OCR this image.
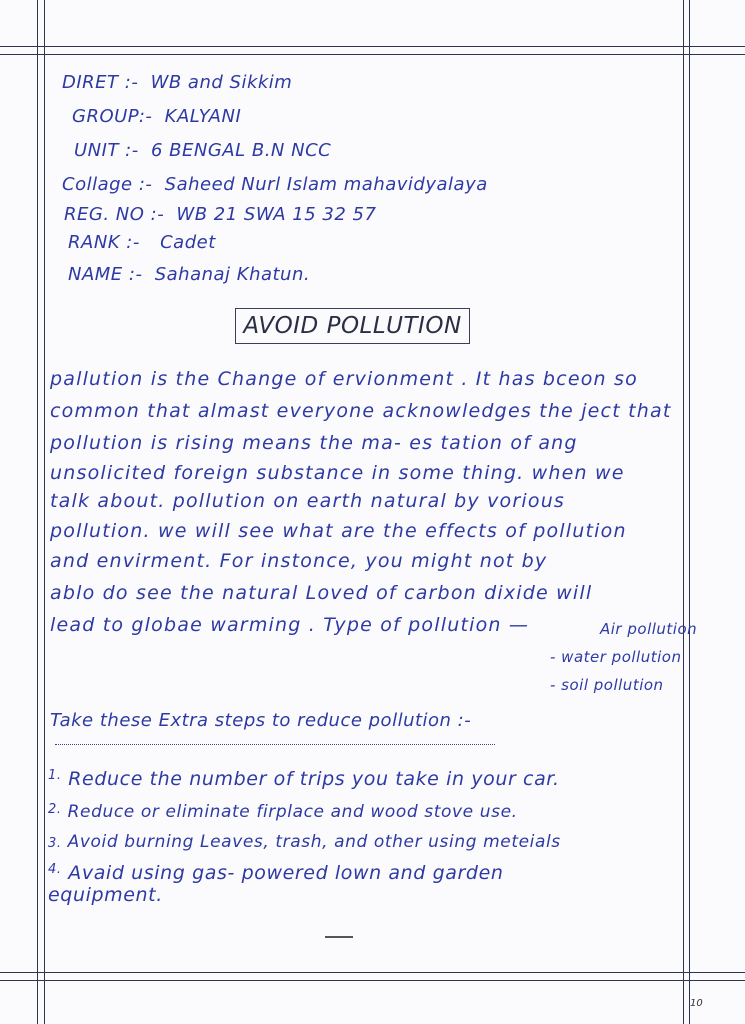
DIRET :- WB and Sikkim
GROUP:- KALYANI
UNIT :- 6 BENGAL B.N NCC
Collage :- Saheed Nurl Islam mahavidyalaya
REG. NO :- WB 21 SWA 15 32 57
RANK :- Cadet
NAME :- Sahanaj Khatun.
AVOID POLLUTION
pallution is the Change of ervionment . It has bceon so
common that almast everyone acknowledges the ject that
pollution is rising means the ma- es tation of ang
unsolicited foreign substance in some thing. when we
talk about. pollution on earth natural by vorious
pollution. we will see what are the effects of pollution
and envirment. For instonce, you might not by
ablo do see the natural Loved of carbon dixide will
lead to globae warming . Type of pollution —	Air pollution
- water pollution
- soil pollution
Take these Extra steps to reduce pollution :-
$^{1.}$ Reduce the number of trips you take in your car.
$^{2.}$ Reduce or eliminate firplace and wood stove use.
3. Avoid burning Leaves, trash, and other using meteials
$^{4.}$ Avaid using gas- powered lown and garden
equipment.
10
